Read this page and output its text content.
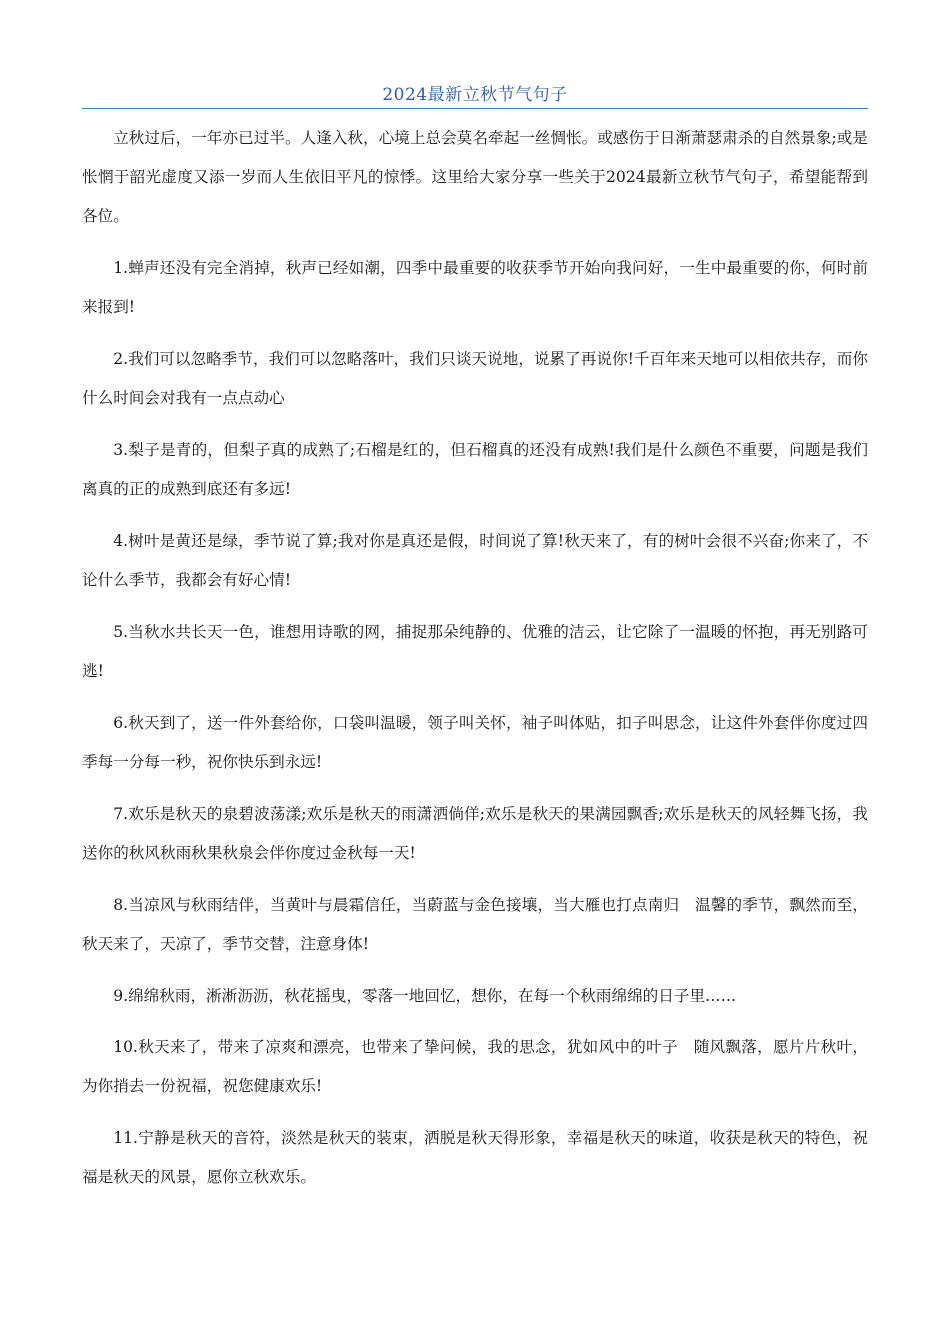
2024最新立秋节气句子

立秋过后，一年亦已过半。人逢入秋，心境上总会莫名牵起一丝惆怅。或感伤于日渐萧瑟肃杀的自然景象;或是怅惘于韶光虚度又添一岁而人生依旧平凡的惊悸。这里给大家分享一些关于2024最新立秋节气句子，希望能帮到各位。

1.蝉声还没有完全消掉，秋声已经如潮，四季中最重要的收获季节开始向我问好，一生中最重要的你，何时前来报到!

2.我们可以忽略季节，我们可以忽略落叶，我们只谈天说地，说累了再说你!千百年来天地可以相依共存，而你什么时间会对我有一点点动心

3.梨子是青的，但梨子真的成熟了;石榴是红的，但石榴真的还没有成熟!我们是什么颜色不重要，问题是我们离真的正的成熟到底还有多远!

4.树叶是黄还是绿，季节说了算;我对你是真还是假，时间说了算!秋天来了，有的树叶会很不兴奋;你来了，不论什么季节，我都会有好心情!

5.当秋水共长天一色，谁想用诗歌的网，捕捉那朵纯静的、优雅的洁云，让它除了一温暖的怀抱，再无别路可逃!

6.秋天到了，送一件外套给你，口袋叫温暖，领子叫关怀，袖子叫体贴，扣子叫思念，让这件外套伴你度过四季每一分每一秒，祝你快乐到永远!

7.欢乐是秋天的泉碧波荡漾;欢乐是秋天的雨潇洒倘佯;欢乐是秋天的果满园飘香;欢乐是秋天的风轻舞飞扬，我送你的秋风秋雨秋果秋泉会伴你度过金秋每一天!

8.当凉风与秋雨结伴，当黄叶与晨霜信任，当蔚蓝与金色接壤，当大雁也打点南归　温馨的季节，飘然而至，秋天来了，天凉了，季节交替，注意身体!

9.绵绵秋雨，淅淅沥沥，秋花摇曳，零落一地回忆，想你，在每一个秋雨绵绵的日子里……

10.秋天来了，带来了凉爽和漂亮，也带来了挚问候，我的思念，犹如风中的叶子　随风飘落，愿片片秋叶，为你捎去一份祝福，祝您健康欢乐!

11.宁静是秋天的音符，淡然是秋天的装束，洒脱是秋天得形象，幸福是秋天的味道，收获是秋天的特色，祝福是秋天的风景，愿你立秋欢乐。
